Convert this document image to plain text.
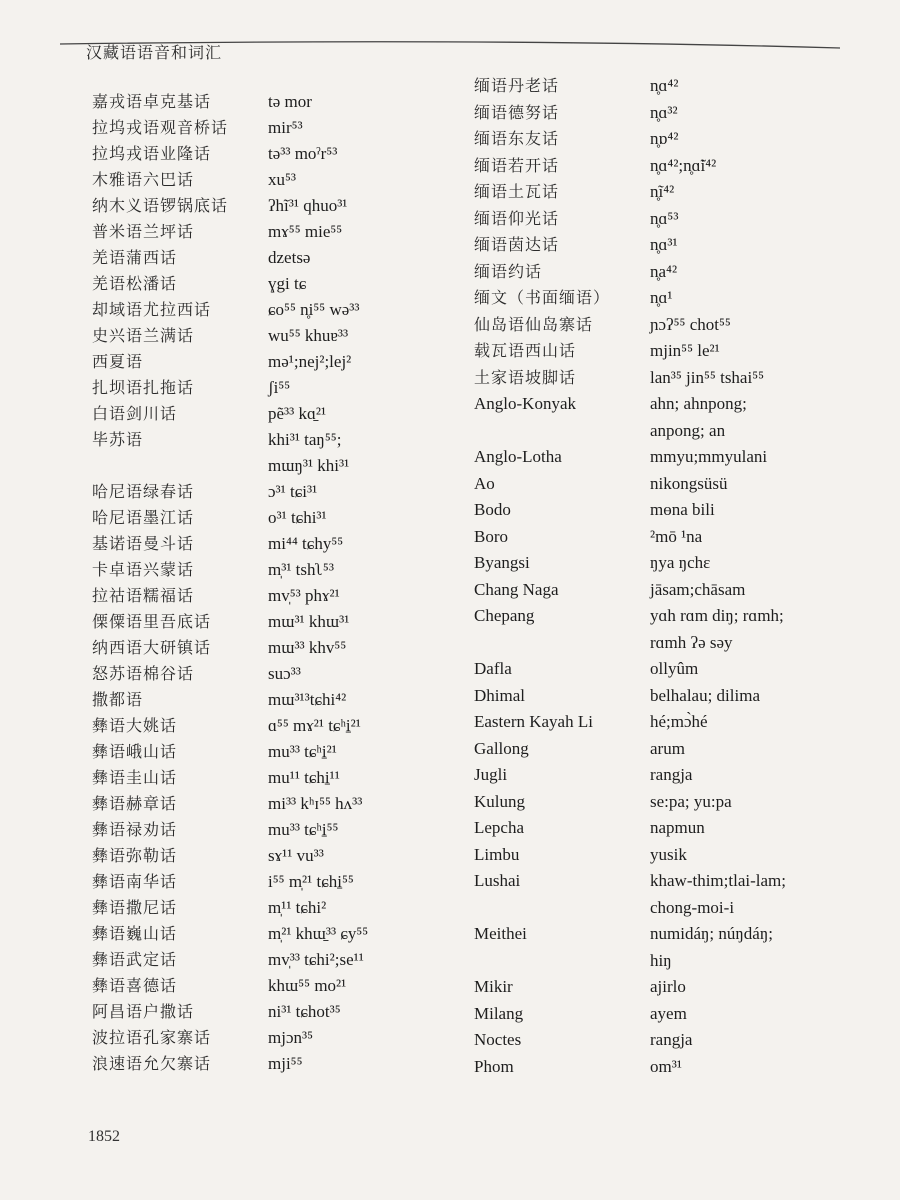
汉藏语语音和词汇
嘉戎语卓克基话	tə mor
拉坞戎语观音桥话 mir⁵³
拉坞戎语业隆话	tə³³ moˀr⁵³
木雅语六巴话	xu⁵³
纳木义语锣锅底话 ʔhĩ³¹ qhuo³¹
普米语兰坪话	mɤ⁵⁵ mie⁵⁵
羌语蒲西话	dzetsə
羌语松潘话	ɣgi tɕ
却域语尤拉西话	ɕo⁵⁵ n̥i⁵⁵ wə³³
史兴语兰满话	wu⁵⁵ khuɐ³³
西夏语	mə¹;nej²;lej²
扎坝语扎拖话	ʃi⁵⁵
白语剑川话	pẽ³³ kɑ̱²¹
毕苏语	khi³¹ taŋ⁵⁵;
mɯŋ³¹ khi³¹
哈尼语绿春话	ɔ³¹ tɕi³¹
哈尼语墨江话	o³¹ tɕhi³¹
基诺语曼斗话	mi⁴⁴ tɕhy⁵⁵
卡卓语兴蒙话	m̩³¹ tshʅ⁵³
拉祜语糯福话	mv̩⁵³ phɤ²¹
傈僳语里吾底话	mɯ³¹ khɯ³¹
纳西语大研镇话	mɯ³³ khv⁵⁵
怒苏语棉谷话	suɔ³³
撒都语	mɯ³¹³tɕhi⁴²
彝语大姚话	ɑ⁵⁵ mɤ²¹ tɕʰi̠²¹
彝语峨山话	mu³³ tɕʰi̠²¹
彝语圭山话	mu¹¹ tɕhi̠¹¹
彝语赫章话	mi³³ kʰɪ⁵⁵ hʌ³³
彝语禄劝话	mu³³ tɕʰi̠⁵⁵
彝语弥勒话	sɤ¹¹ vu³³
彝语南华话	i⁵⁵ m̩²¹ tɕhi̠⁵⁵
彝语撒尼话	m̩¹¹ tɕhi²
彝语巍山话	m̩²¹ khɯ̠³³ ɕy⁵⁵
彝语武定话	mv̩³³ tɕhi²;se¹¹
彝语喜德话	khɯ⁵⁵ mo²¹
阿昌语户撒话	ni³¹ tɕhot³⁵
波拉语孔家寨话	mjɔn³⁵
浪速语允欠寨话	mji⁵⁵
缅语丹老话	n̥ɑ⁴²
缅语德努话	n̥ɑ³²
缅语东友话	n̥ɒ⁴²
缅语若开话	n̥ɑ⁴²;n̥ɑ̃i⁴²
缅语土瓦话	n̥ĩ⁴²
缅语仰光话	n̥ɑ⁵³
缅语茵达话	n̥ɑ³¹
缅语约话	n̥a⁴²
缅文（书面缅语） n̥ɑ¹
仙岛语仙岛寨话	ɲɔʔ⁵⁵ chot⁵⁵
载瓦语西山话	mjin⁵⁵ le²¹
土家语坡脚话	lan³⁵ jin⁵⁵ tshai⁵⁵
Anglo-Konyak	ahn; ahnpong;
anpong; an
Anglo-Lotha	mmyu;mmyulani
Ao	nikongsüsü
Bodo	mɵna bili
Boro	²mō ¹na
Byangsi	ŋya ŋchɛ
Chang Naga	jāsam;chāsam
Chepang	yɑh rɑm diŋ; rɑmh;
rɑmh ʔə səy
Dafla	ollyûm
Dhimal	belhalau; dilima
Eastern Kayah Li	hé;mɔ̀hé
Gallong	arum
Jugli	rangja
Kulung	se:pa; yu:pa
Lepcha	napmun
Limbu	yusik
Lushai	khaw-thim;tlai-lam;
chong-moi-i
Meithei	numidáŋ; núŋdáŋ;
hiŋ
Mikir	ajirlo
Milang	ayem
Noctes	rangja
Phom	om³¹
1852
